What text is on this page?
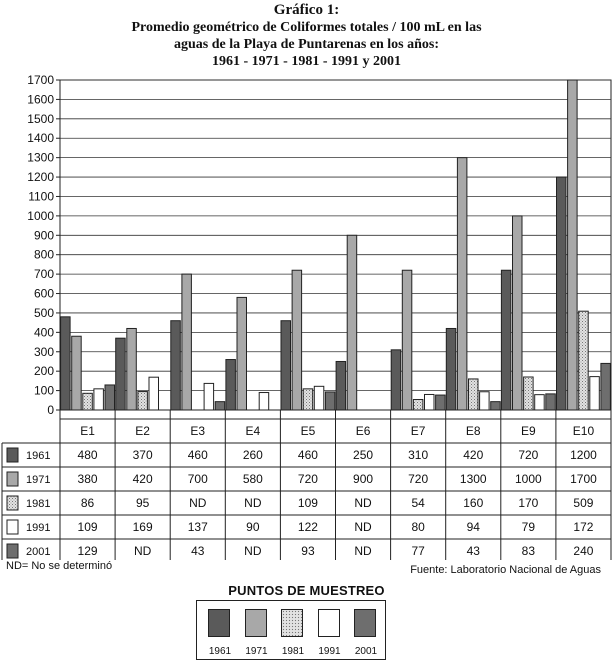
Gráfico 1:
Promedio geométrico de Coliformes totales / 100 mL en las
aguas de la Playa de Puntarenas en los años:
1961 - 1971 - 1981 - 1991 y 2001
0
100
200
300
400
500
600
700
800
900
1000
1100
1200
1300
1400
1500
1600
1700
E1	E2	E3	E4	E5	E6	E7	E8	E9	E10
1961 480	370	460	260	460	250	310	420	720	1200
1971 380	420	700	580	720	900	720	1300 1000 1700
1981	86	95	ND	ND	109	ND	54	160	170	509
1991 109	169	137	90	122	ND	80	94	79	172
2001 129	ND	43	ND	93	ND	77	43	83	240
ND= No se determinó	Fuente: Laboratorio Nacional de Aguas
PUNTOS DE MUESTREO
1961	1971	1981	1991	2001
